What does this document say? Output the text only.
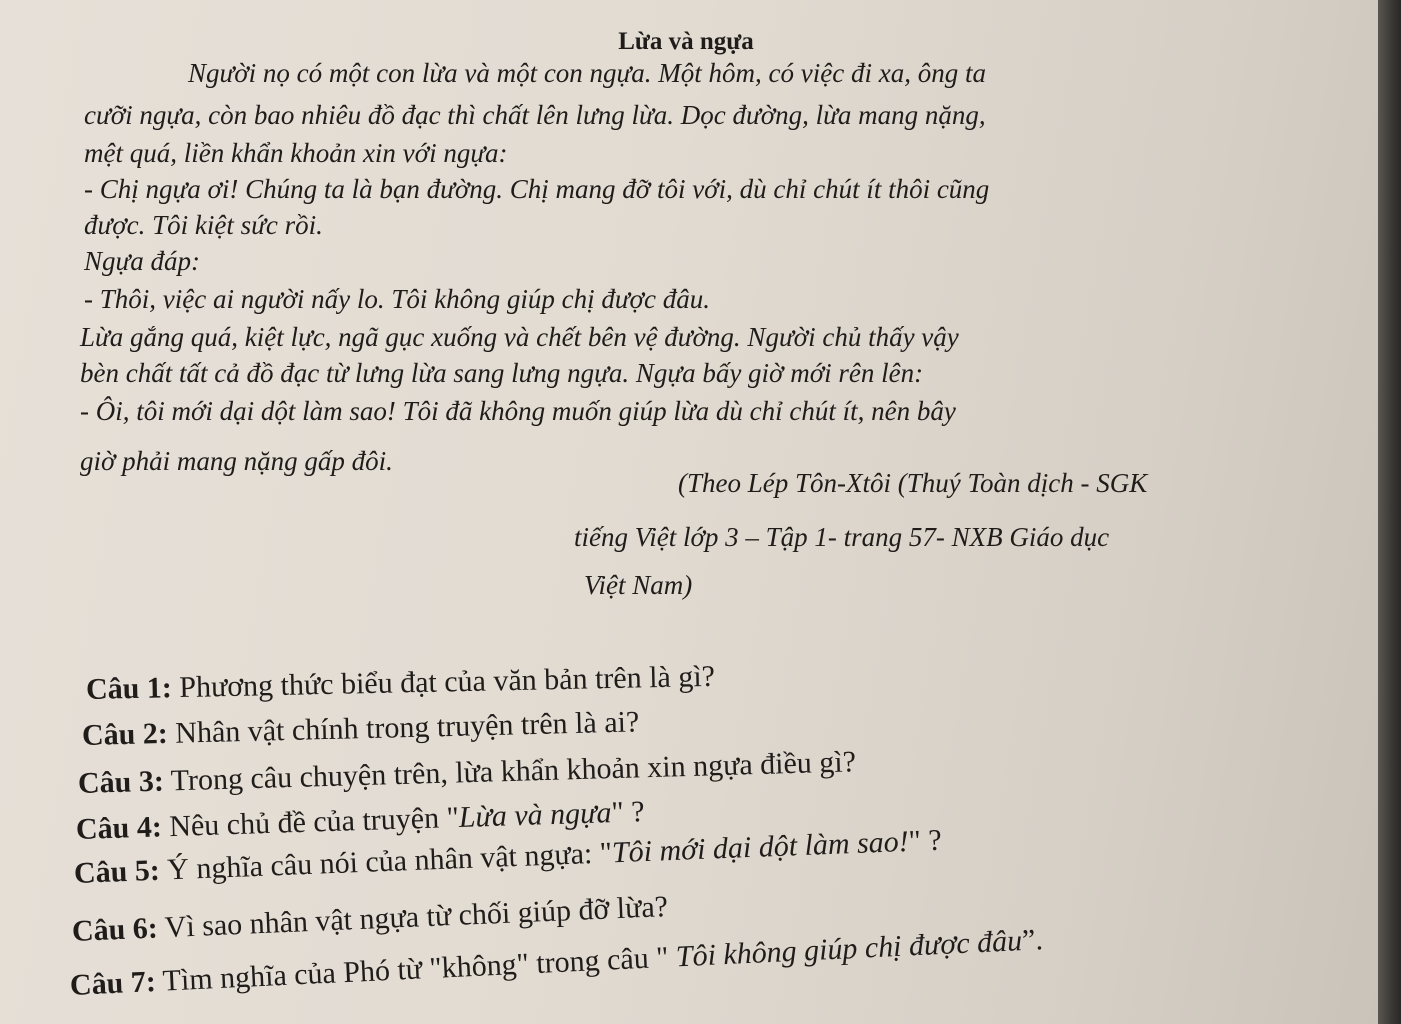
Lừa và ngựa
Người nọ có một con lừa và một con ngựa. Một hôm, có việc đi xa, ông ta
cưỡi ngựa, còn bao nhiêu đồ đạc thì chất lên lưng lừa. Dọc đường, lừa mang nặng,
mệt quá, liền khẩn khoản xin với ngựa:
- Chị ngựa ơi! Chúng ta là bạn đường. Chị mang đỡ tôi với, dù chỉ chút ít thôi cũng
được. Tôi kiệt sức rồi.
Ngựa đáp:
- Thôi, việc ai người nấy lo. Tôi không giúp chị được đâu.
Lừa gắng quá, kiệt lực, ngã gục xuống và chết bên vệ đường. Người chủ thấy vậy
bèn chất tất cả đồ đạc từ lưng lừa sang lưng ngựa. Ngựa bấy giờ mới rên lên:
- Ôi, tôi mới dại dột làm sao! Tôi đã không muốn giúp lừa dù chỉ chút ít, nên bây
giờ phải mang nặng gấp đôi.
(Theo Lép Tôn-Xtôi (Thuý Toàn dịch - SGK
tiếng Việt lớp 3 – Tập 1- trang 57- NXB Giáo dục
Việt Nam)
Câu 1: Phương thức biểu đạt của văn bản trên là gì?
Câu 2: Nhân vật chính trong truyện trên là ai?
Câu 3: Trong câu chuyện trên, lừa khẩn khoản xin ngựa điều gì?
Câu 4: Nêu chủ đề của truyện "Lừa và ngựa" ?
Câu 5: Ý nghĩa câu nói của nhân vật ngựa: "Tôi mới dại dột làm sao!" ?
Câu 6: Vì sao nhân vật ngựa từ chối giúp đỡ lừa?
Câu 7: Tìm nghĩa của Phó từ "không" trong câu " Tôi không giúp chị được đâu”.
